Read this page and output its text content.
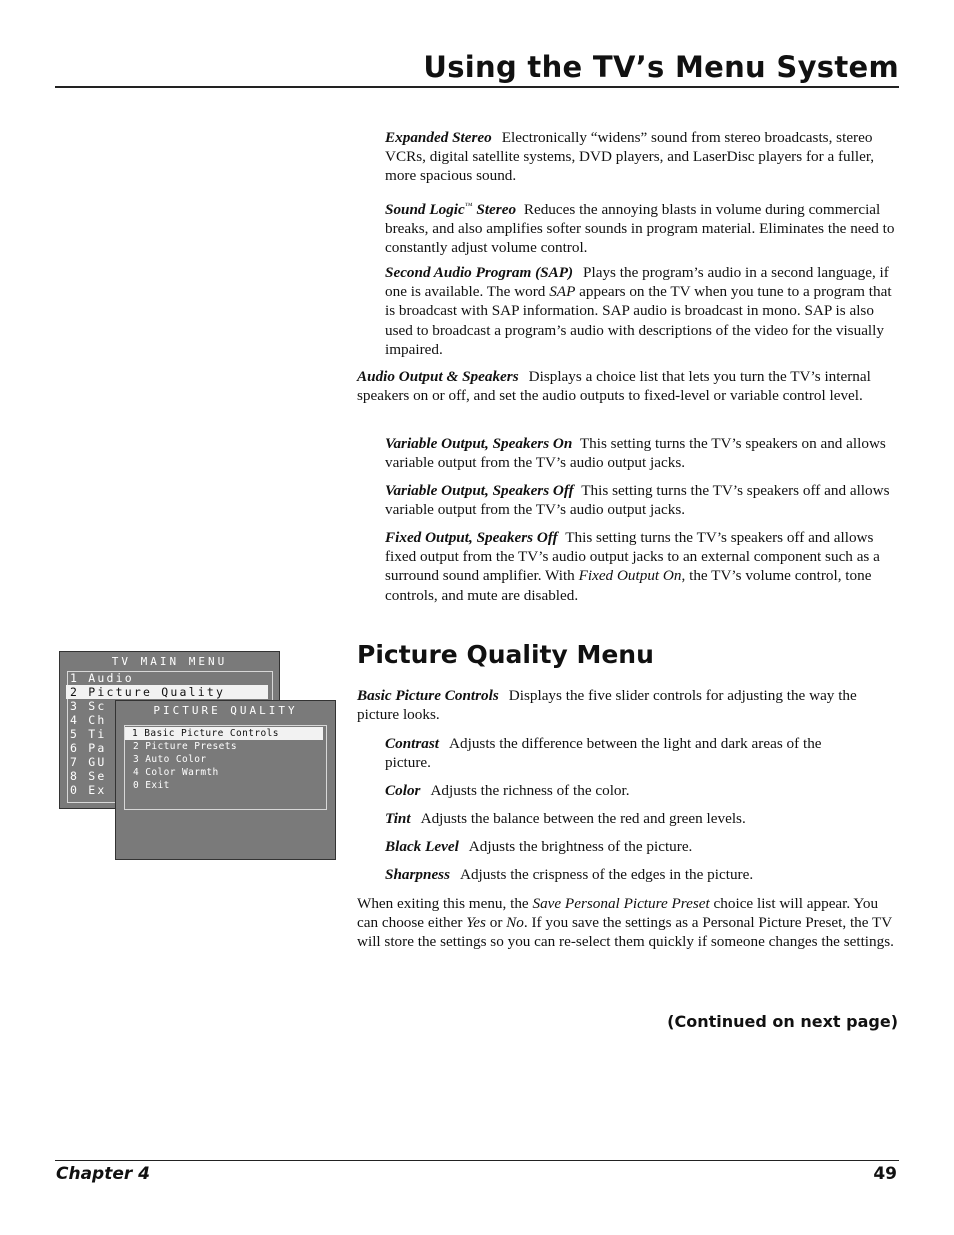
Using the TV’s Menu System

Expanded Stereo Electronically “widens” sound from stereo broadcasts, stereo VCRs, digital satellite systems, DVD players, and LaserDisc players for a fuller, more spacious sound.

Sound Logic™ Stereo Reduces the annoying blasts in volume during commercial breaks, and also amplifies softer sounds in program material. Eliminates the need to constantly adjust volume control.

Second Audio Program (SAP) Plays the program’s audio in a second language, if one is available. The word SAP appears on the TV when you tune to a program that is broadcast with SAP information. SAP audio is broadcast in mono. SAP is also used to broadcast a program’s audio with descriptions of the video for the visually impaired.

Audio Output & Speakers Displays a choice list that lets you turn the TV’s internal speakers on or off, and set the audio outputs to fixed-level or variable control level.

Variable Output, Speakers On This setting turns the TV’s speakers on and allows variable output from the TV’s audio output jacks.

Variable Output, Speakers Off This setting turns the TV’s speakers off and allows variable output from the TV’s audio output jacks.

Fixed Output, Speakers Off This setting turns the TV’s speakers off and allows fixed output from the TV’s audio output jacks to an external component such as a surround sound amplifier. With Fixed Output On, the TV’s volume control, tone controls, and mute are disabled.

TV MAIN MENU
1 Audio
2 Picture Quality
3 Sc
4 Ch
5 Ti
6 Pa
7 GU
8 Se
0 Ex
PICTURE QUALITY
1 Basic Picture Controls
2 Picture Presets
3 Auto Color
4 Color Warmth
0 Exit
Picture Quality Menu

Basic Picture Controls Displays the five slider controls for adjusting the way the picture looks.

Contrast Adjusts the difference between the light and dark areas of the picture.

Color Adjusts the richness of the color.

Tint Adjusts the balance between the red and green levels.

Black Level Adjusts the brightness of the picture.

Sharpness Adjusts the crispness of the edges in the picture.

When exiting this menu, the Save Personal Picture Preset choice list will appear. You can choose either Yes or No. If you save the settings as a Personal Picture Preset, the TV will store the settings so you can re-select them quickly if someone changes the settings.

(Continued on next page)

Chapter 4	49
